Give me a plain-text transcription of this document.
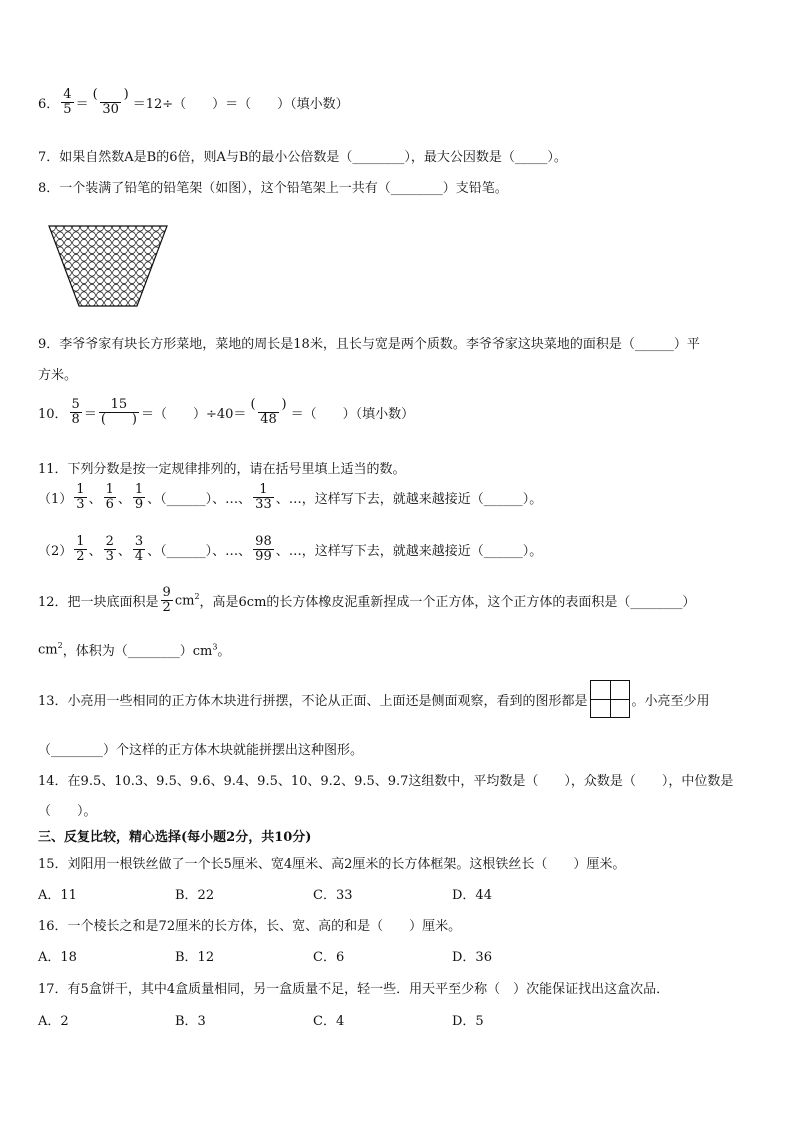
6． $\frac{4}{5} = \frac{( )}{30} =12\div$（　　）＝（　　）（填小数）
7．如果自然数A是B的6倍，则A与B的最小公倍数是（________），最大公因数是（_____）。
8．一个装满了铅笔的铅笔架（如图），这个铅笔架上一共有（________）支铅笔。
9．李爷爷家有块长方形菜地，菜地的周长是18米，且长与宽是两个质数。李爷爷家这块菜地的面积是（______）平
方米。
10． $\frac{5}{8} = \frac{15}{( )}$ ＝（　　）$\div 40= \frac{( )}{48}$ ＝（　　）（填小数）
11．下列分数是按一定规律排列的，请在括号里填上适当的数。
$(1) \frac{1}{3}$ 、 $\frac{1}{6}$ 、 $\frac{1}{9}$ 、（______）、…、 $\frac{1}{33}$ 、…，这样写下去，就越来越接近（______）。
$(2) \frac{1}{2}$ 、 $\frac{2}{3}$ 、 $\frac{3}{4}$ 、（______）、…、 $\frac{98}{99}$ 、…，这样写下去，就越来越接近（______）。
12．把一块底面积是 $\frac{9}{2} cm^2$ ，高是6cm的长方体橡皮泥重新捏成一个正方体，这个正方体的表面积是（________）
$cm^2$ ，体积为$(\_\_\_\_\_\_\_\_)cm^3$ 。
13．小亮用一些相同的正方体木块进行拼摆，不论从正面、上面还是侧面观察，看到的图形都是	。小亮至少用
（________）个这样的正方体木块就能拼摆出这种图形。
14．在9.5、10.3、9.5、9.6、9.4、9.5、10、9.2、9.5、9.7这组数中，平均数是（　　），众数是（　　），中位数是
（　　）。
三、反复比较，精心选择(每小题2分，共10分)
15．刘阳用一根铁丝做了一个长5厘米、宽4厘米、高2厘米的长方体框架。这根铁丝长（　　）厘米。
A．11	B．22	C．33	D．44
16．一个棱长之和是72厘米的长方体，长、宽、高的和是（　　）厘米。
A．18	B．12	C．6	D．36
17．有5盒饼干，其中4盒质量相同，另一盒质量不足，轻一些．用天平至少称（　）次能保证找出这盒次品．
A．2	B．3	C．4	D．5
